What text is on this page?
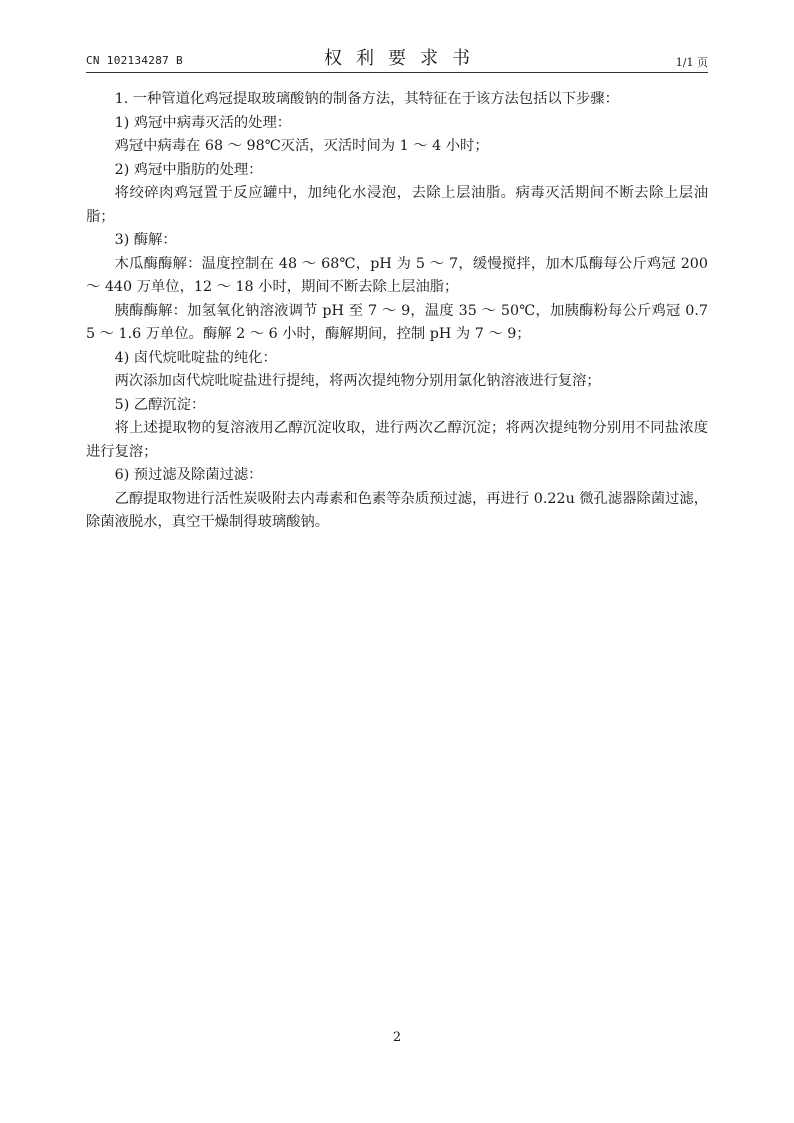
CN 102134287 B	权利要求书	1/1 页

1. 一种管道化鸡冠提取玻璃酸钠的制备方法，其特征在于该方法包括以下步骤：

1) 鸡冠中病毒灭活的处理：

鸡冠中病毒在 68 ～ 98℃灭活，灭活时间为 1 ～ 4 小时；

2) 鸡冠中脂肪的处理：

将绞碎肉鸡冠置于反应罐中，加纯化水浸泡，去除上层油脂。病毒灭活期间不断去除上层油脂；

3) 酶解：

木瓜酶酶解：温度控制在 48 ～ 68℃，pH 为 5 ～ 7，缓慢搅拌，加木瓜酶每公斤鸡冠 200 ～ 440 万单位，12 ～ 18 小时，期间不断去除上层油脂；

胰酶酶解：加氢氧化钠溶液调节 pH 至 7 ～ 9，温度 35 ～ 50℃，加胰酶粉每公斤鸡冠 0.75 ～ 1.6 万单位。酶解 2 ～ 6 小时，酶解期间，控制 pH 为 7 ～ 9；

4) 卤代烷吡啶盐的纯化：

两次添加卤代烷吡啶盐进行提纯，将两次提纯物分别用氯化钠溶液进行复溶；

5) 乙醇沉淀：

将上述提取物的复溶液用乙醇沉淀收取，进行两次乙醇沉淀；将两次提纯物分别用不同盐浓度进行复溶；

6) 预过滤及除菌过滤：

乙醇提取物进行活性炭吸附去内毒素和色素等杂质预过滤，再进行 0.22u 微孔滤器除菌过滤，除菌液脱水，真空干燥制得玻璃酸钠。

2
